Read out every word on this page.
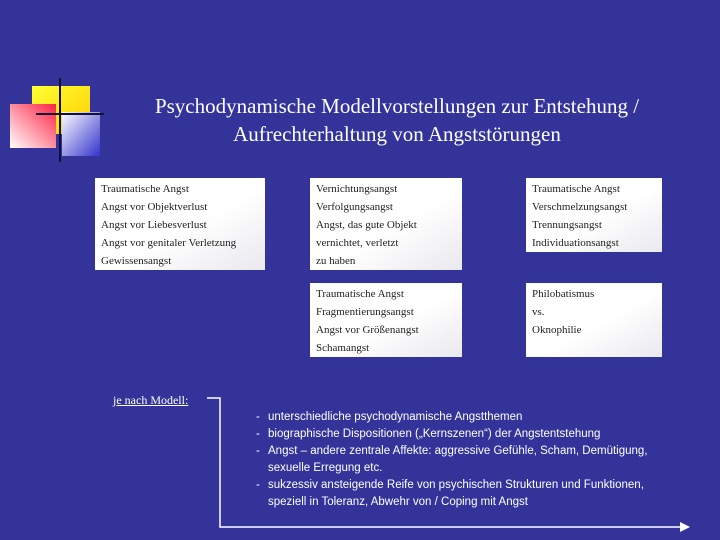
Psychodynamische Modellvorstellungen zur Entstehung /
Aufrechterhaltung von Angststörungen
Traumatische Angst
Angst vor Objektverlust
Angst vor Liebesverlust
Angst vor genitaler Verletzung
Gewissensangst
Vernichtungsangst
Verfolgungsangst
Angst, das gute Objekt
vernichtet, verletzt
zu haben
Traumatische Angst
Verschmelzungsangst
Trennungsangst
Individuationsangst
Traumatische Angst
Fragmentierungsangst
Angst vor Größenangst
Schamangst
Philobatismus
vs.
Oknophilie
je nach Modell:
- unterschiedliche psychodynamische Angstthemen
- biographische Dispositionen („Kernszenen“) der Angstentstehung
- Angst – andere zentrale Affekte: aggressive Gefühle, Scham, Demütigung, sexuelle Erregung etc.
- sukzessiv ansteigende Reife von psychischen Strukturen und Funktionen, speziell in Toleranz, Abwehr von / Coping mit Angst
